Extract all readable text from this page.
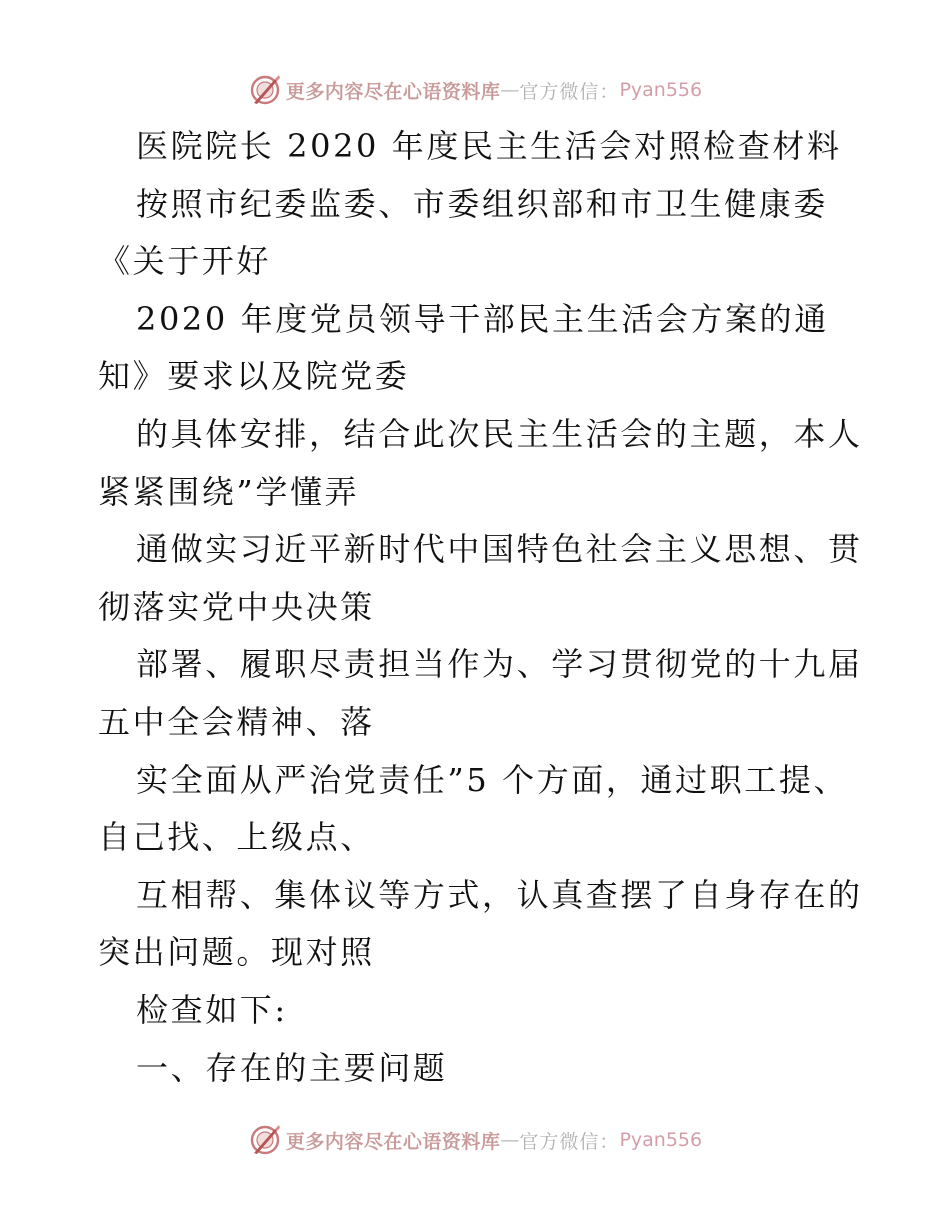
更多内容尽在心语资料库 — 官方微信： Pyan556
医院院长 2020 年度民主生活会对照检查材料
按照市纪委监委、市委组织部和市卫生健康委
《关于开好
2020 年度党员领导干部民主生活会方案的通
知》要求以及院党委
的具体安排，结合此次民主生活会的主题，本人
紧紧围绕”学懂弄
通做实习近平新时代中国特色社会主义思想、贯
彻落实党中央决策
部署、履职尽责担当作为、学习贯彻党的十九届
五中全会精神、落
实全面从严治党责任”5 个方面，通过职工提、
自己找、上级点、
互相帮、集体议等方式，认真查摆了自身存在的
突出问题。现对照
检查如下:
一、存在的主要问题
更多内容尽在心语资料库 — 官方微信： Pyan556
